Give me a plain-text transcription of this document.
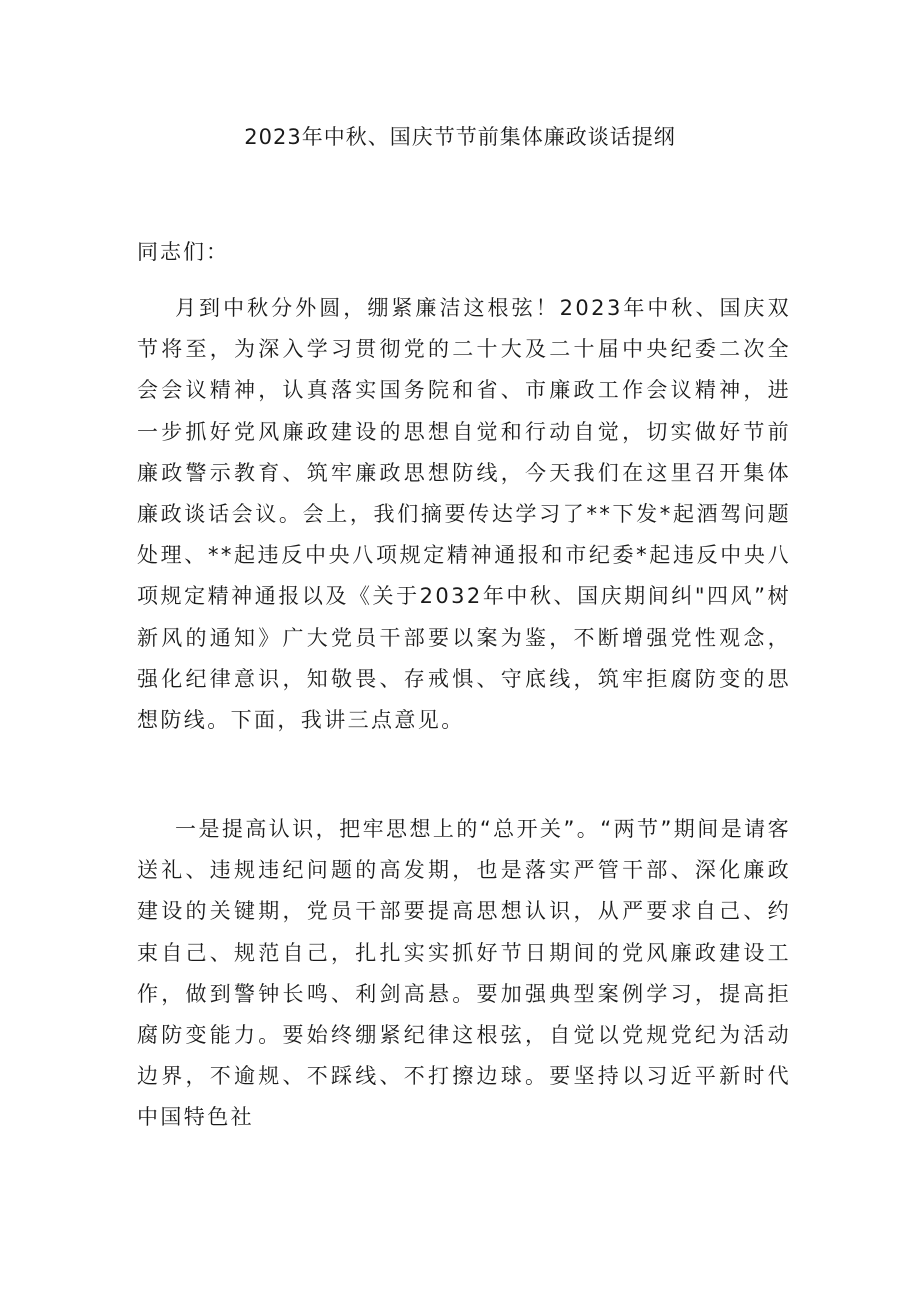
2023年中秋、国庆节节前集体廉政谈话提纲
同志们：

月到中秋分外圆，绷紧廉洁这根弦！2023年中秋、国庆双节将至，为深入学习贯彻党的二十大及二十届中央纪委二次全会会议精神，认真落实国务院和省、市廉政工作会议精神，进一步抓好党风廉政建设的思想自觉和行动自觉，切实做好节前廉政警示教育、筑牢廉政思想防线，今天我们在这里召开集体廉政谈话会议。会上，我们摘要传达学习了**下发*起酒驾问题处理、**起违反中央八项规定精神通报和市纪委*起违反中央八项规定精神通报以及《关于2032年中秋、国庆期间纠"四风”树新风的通知》广大党员干部要以案为鉴，不断增强党性观念，强化纪律意识，知敬畏、存戒惧、守底线，筑牢拒腐防变的思想防线。下面，我讲三点意见。

一是提高认识，把牢思想上的“总开关”。“两节”期间是请客送礼、违规违纪问题的高发期，也是落实严管干部、深化廉政建设的关键期，党员干部要提高思想认识，从严要求自己、约束自己、规范自己，扎扎实实抓好节日期间的党风廉政建设工作，做到警钟长鸣、利剑高悬。要加强典型案例学习，提高拒腐防变能力。要始终绷紧纪律这根弦，自觉以党规党纪为活动边界，不逾规、不踩线、不打擦边球。要坚持以习近平新时代中国特色社
